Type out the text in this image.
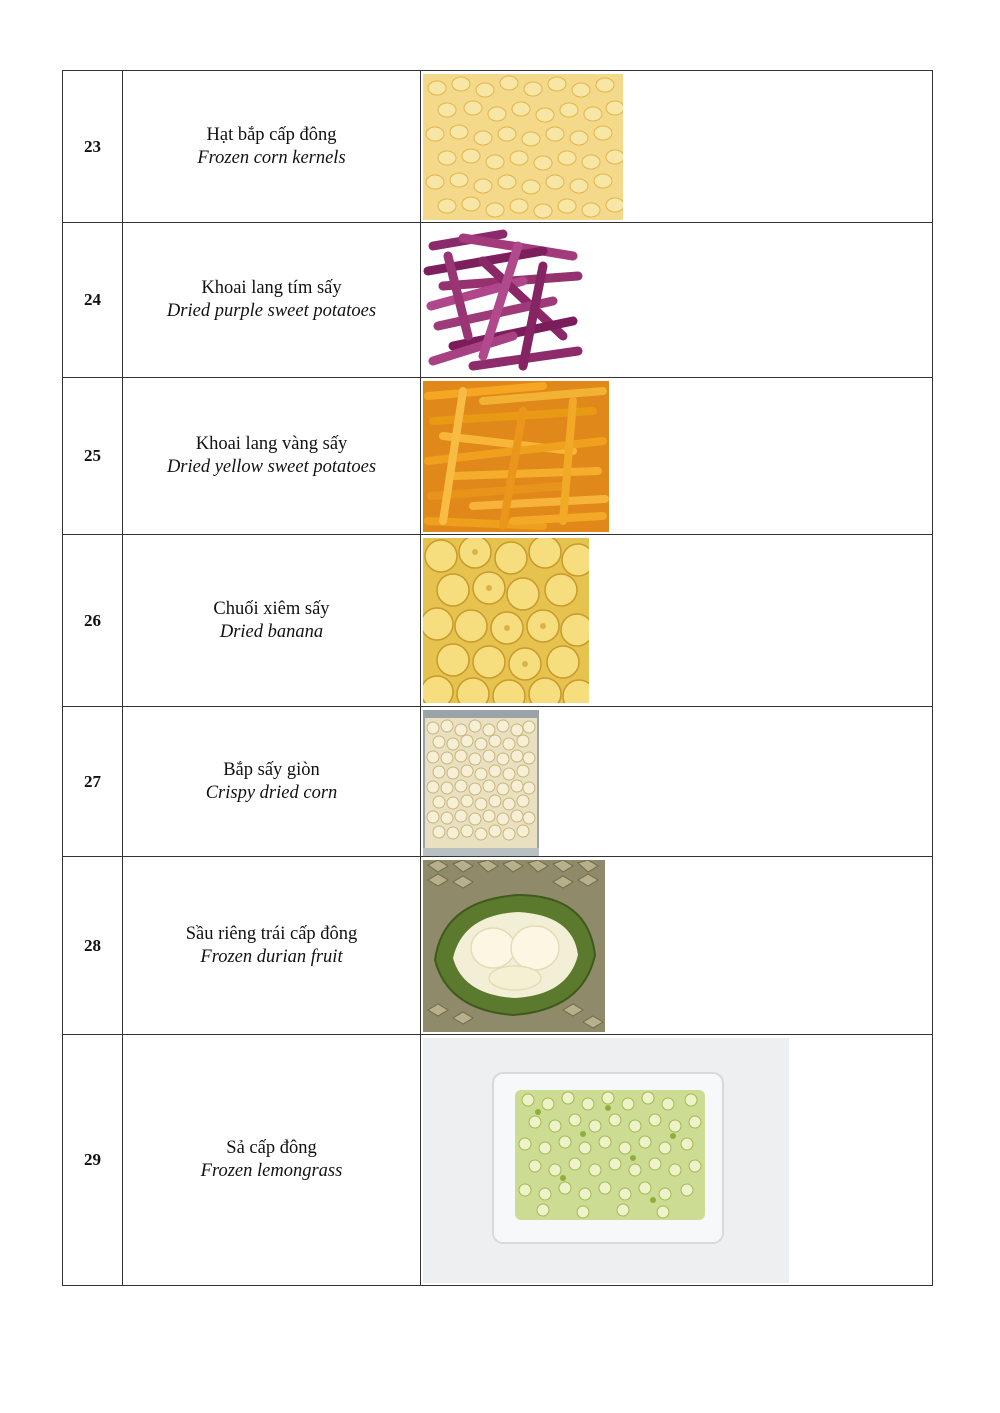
23	Hạt bắp cấp đông
Frozen corn kernels

24	Khoai lang tím sấy
Dried purple sweet potatoes

25	Khoai lang vàng sấy
Dried yellow sweet potatoes

26	Chuối xiêm sấy
Dried banana

27	Bắp sấy giòn
Crispy dried corn

28	Sầu riêng trái cấp đông
Frozen durian fruit

29	Sả cấp đông
Frozen lemongrass
